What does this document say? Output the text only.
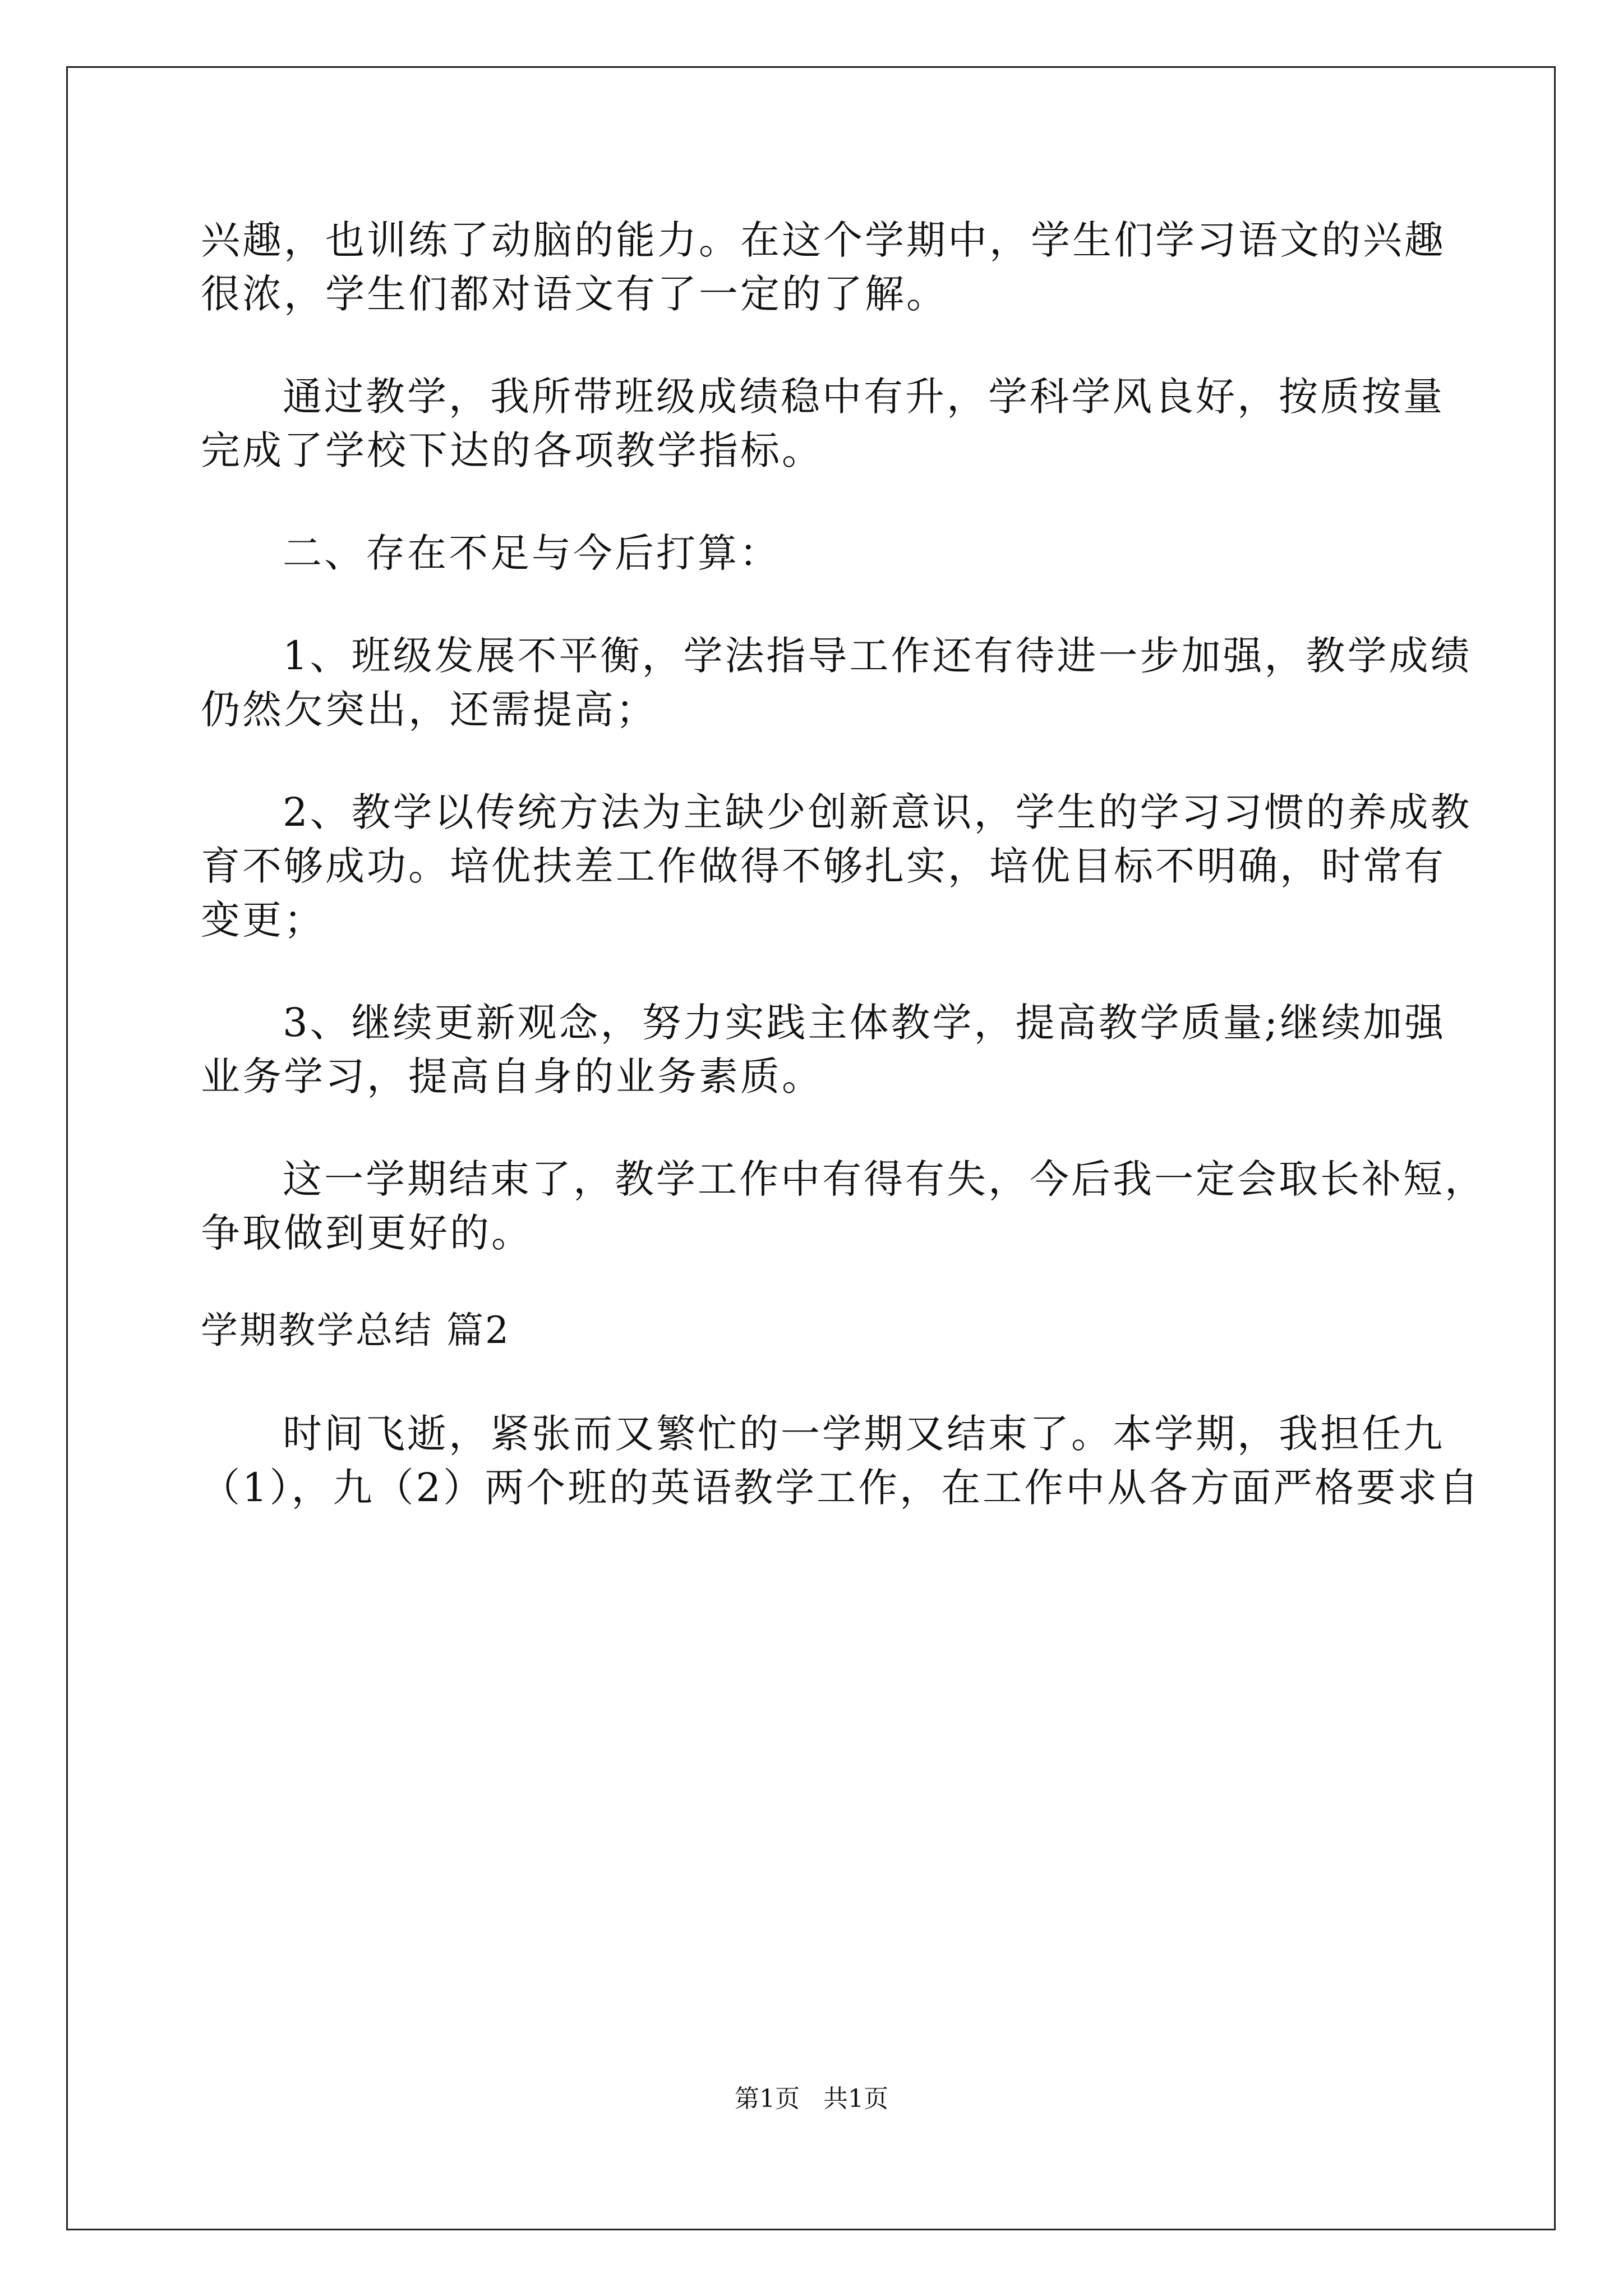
兴趣，也训练了动脑的能力。在这个学期中，学生们学习语文的兴趣
很浓，学生们都对语文有了一定的了解。
通过教学，我所带班级成绩稳中有升，学科学风良好，按质按量
完成了学校下达的各项教学指标。
二、存在不足与今后打算：
1、班级发展不平衡，学法指导工作还有待进一步加强，教学成绩
仍然欠突出，还需提高；
2、教学以传统方法为主缺少创新意识，学生的学习习惯的养成教
育不够成功。培优扶差工作做得不够扎实，培优目标不明确，时常有
变更；
3、继续更新观念，努力实践主体教学，提高教学质量;继续加强
业务学习，提高自身的业务素质。
这一学期结束了，教学工作中有得有失，今后我一定会取长补短，
争取做到更好的。
学期教学总结 篇2
时间飞逝，紧张而又繁忙的一学期又结束了。本学期，我担任九
（1），九（2）两个班的英语教学工作，在工作中从各方面严格要求自
第1页   共1页
